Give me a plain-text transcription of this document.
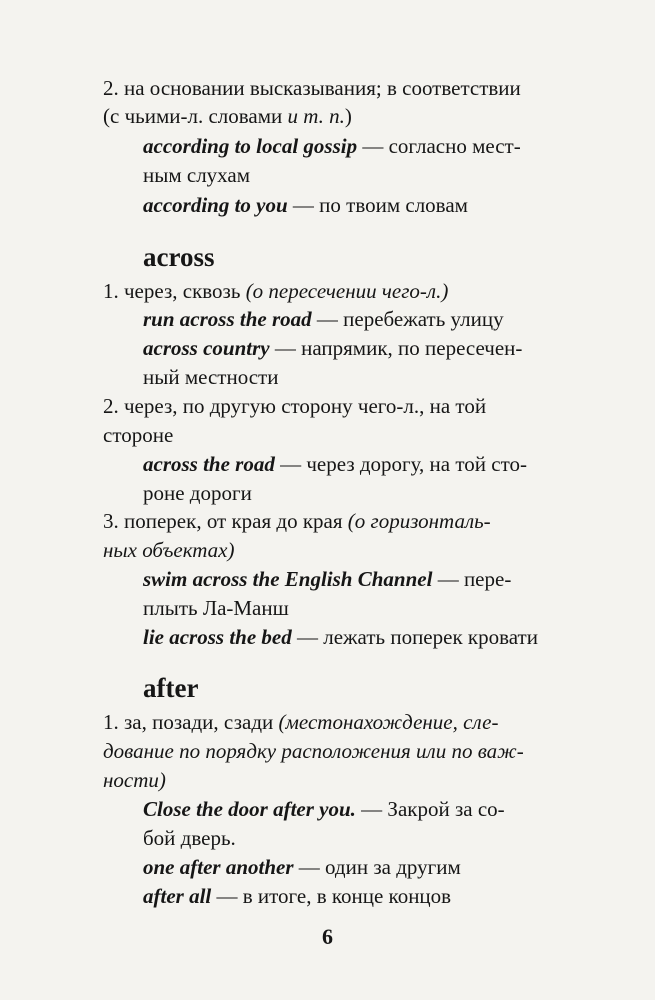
2. на основании высказывания; в соответствии
(с чьими-л. словами и т. п.)
according to local gossip — согласно мест-
ным слухам
according to you — по твоим словам
across
1. через, сквозь (о пересечении чего-л.)
run across the road — перебежать улицу
across country — напрямик, по пересечен-
ный местности
2. через, по другую сторону чего-л., на той
стороне
across the road — через дорогу, на той сто-
роне дороги
3. поперек, от края до края (о горизонталь-
ных объектах)
swim across the English Channel — пере-
плыть Ла-Манш
lie across the bed — лежать поперек кровати
after
1. за, позади, сзади (местонахождение, сле-
дование по порядку расположения или по важ-
ности)
Close the door after you. — Закрой за со-
бой дверь.
one after another — один за другим
after all — в итоге, в конце концов
6
